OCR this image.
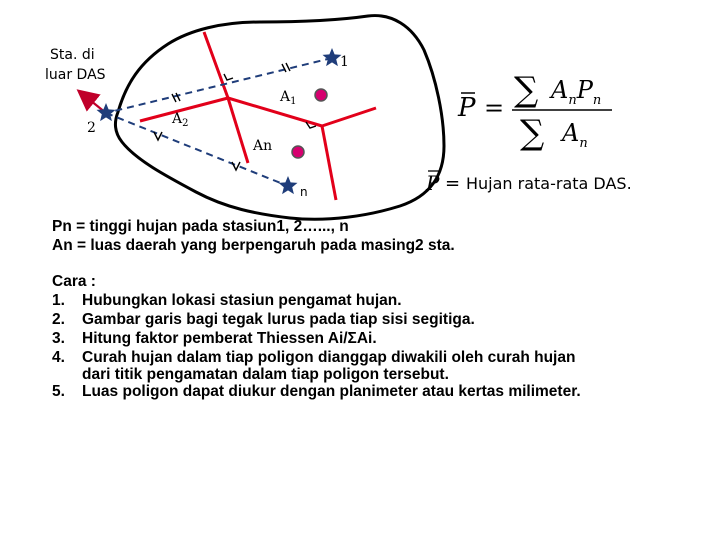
Sta. di
luar DAS
1
2
n
$A_1$
$A_2$
An
P = ∑ $A_nP_n$
∑ $A_n$
P = Hujan rata-rata DAS.
Pn = tinggi hujan pada stasiun1, 2…..., n
An = luas daerah yang berpengaruh pada masing2 sta.
Cara :
1. Hubungkan lokasi stasiun pengamat hujan.
2. Gambar garis bagi tegak lurus pada tiap sisi segitiga.
3. Hitung faktor pemberat Thiessen Ai/ΣAi.
4. Curah hujan dalam tiap poligon dianggap diwakili oleh curah hujan
dari titik pengamatan dalam tiap poligon tersebut.
5. Luas poligon dapat diukur dengan planimeter atau kertas milimeter.
